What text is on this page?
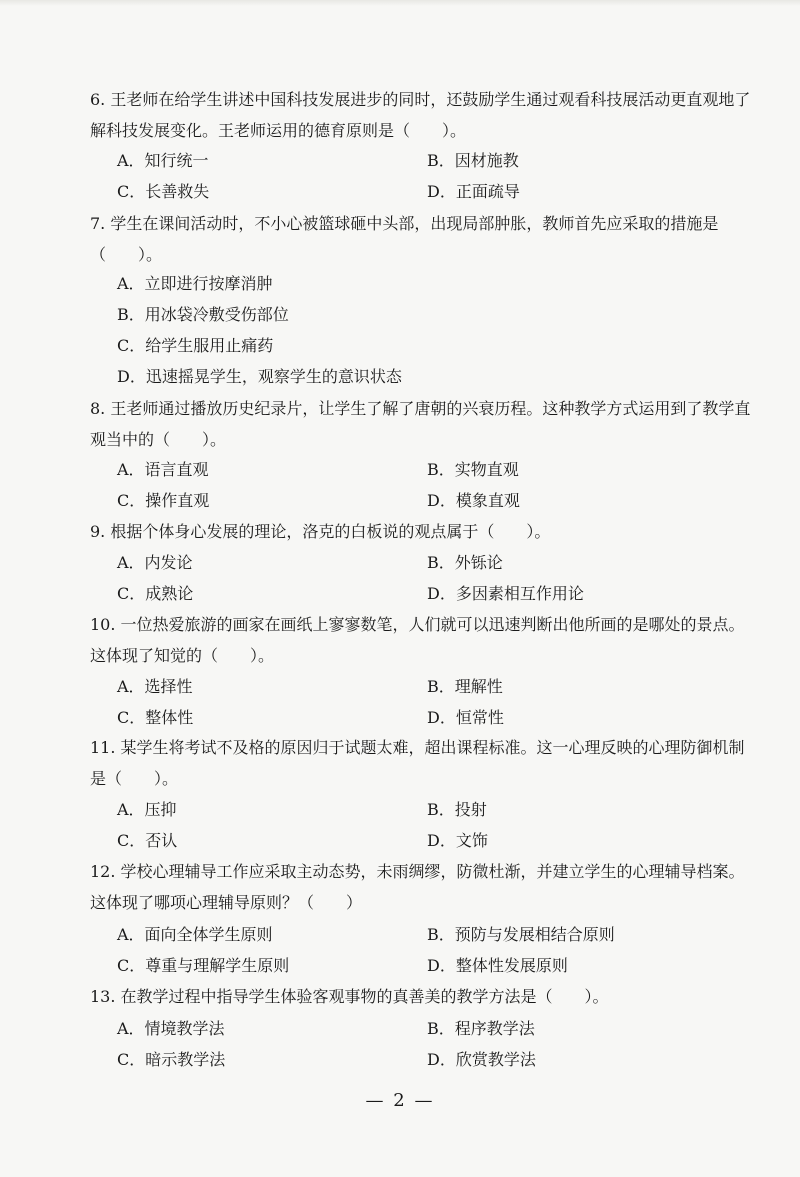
6. 王老师在给学生讲述中国科技发展进步的同时，还鼓励学生通过观看科技展活动更直观地了解科技发展变化。王老师运用的德育原则是（　　）。
A．知行统一	B．因材施教
C．长善救失	D．正面疏导
7. 学生在课间活动时，不小心被篮球砸中头部，出现局部肿胀，教师首先应采取的措施是（　　）。
A．立即进行按摩消肿
B．用冰袋冷敷受伤部位
C．给学生服用止痛药
D．迅速摇晃学生，观察学生的意识状态
8. 王老师通过播放历史纪录片，让学生了解了唐朝的兴衰历程。这种教学方式运用到了教学直观当中的（　　）。
A．语言直观	B．实物直观
C．操作直观	D．模象直观
9. 根据个体身心发展的理论，洛克的白板说的观点属于（　　）。
A．内发论	B．外铄论
C．成熟论	D．多因素相互作用论
10. 一位热爱旅游的画家在画纸上寥寥数笔，人们就可以迅速判断出他所画的是哪处的景点。这体现了知觉的（　　）。
A．选择性	B．理解性
C．整体性	D．恒常性
11. 某学生将考试不及格的原因归于试题太难，超出课程标准。这一心理反映的心理防御机制是（　　）。
A．压抑	B．投射
C．否认	D．文饰
12. 学校心理辅导工作应采取主动态势，未雨绸缪，防微杜渐，并建立学生的心理辅导档案。这体现了哪项心理辅导原则？（　　）
A．面向全体学生原则	B．预防与发展相结合原则
C．尊重与理解学生原则	D．整体性发展原则
13. 在教学过程中指导学生体验客观事物的真善美的教学方法是（　　）。
A．情境教学法	B．程序教学法
C．暗示教学法	D．欣赏教学法
— 2 —
